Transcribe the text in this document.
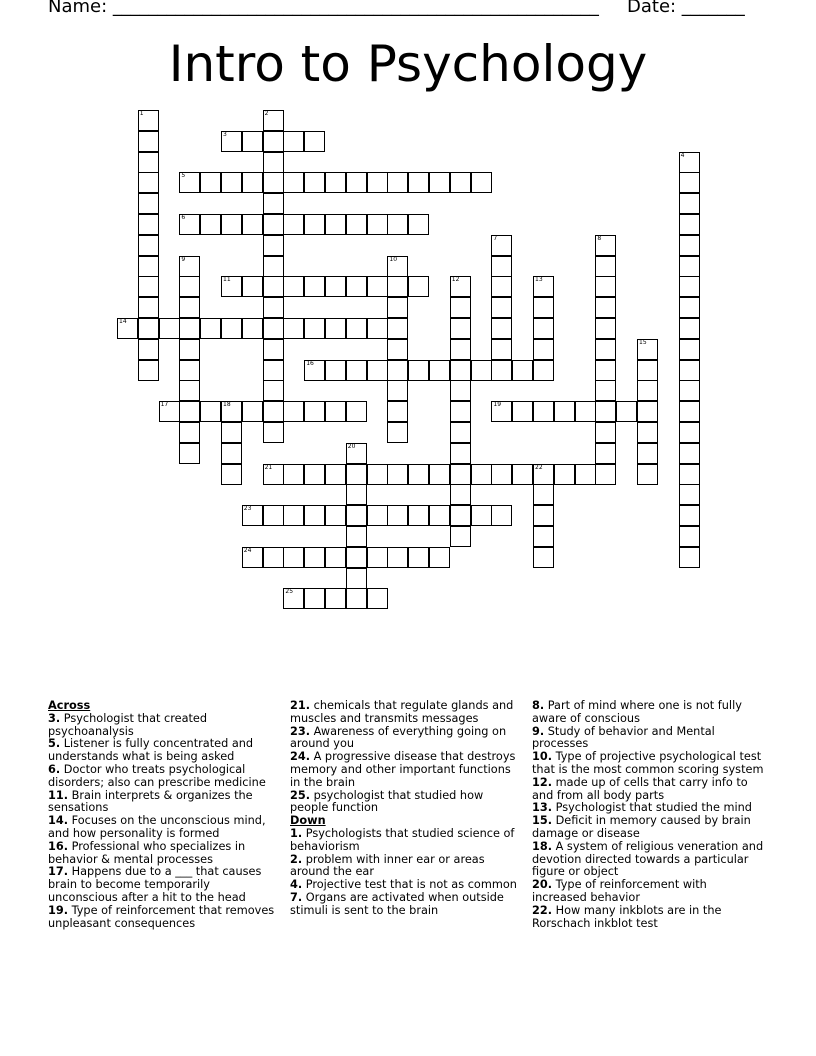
Name: ______________________________________________________ Date: _______
Intro to Psychology
1	2
3
4
5
6
7	8
9	10
11	12	13
14
15
16
17	18	19
20
21	22
23
24
25
Across
3. Psychologist that created psychoanalysis
5. Listener is fully concentrated and understands what is being asked
6. Doctor who treats psychological disorders; also can prescribe medicine
11. Brain interprets & organizes the sensations
14. Focuses on the unconscious mind, and how personality is formed
16. Professional who specializes in behavior & mental processes
17. Happens due to a ___ that causes brain to become temporarily unconscious after a hit to the head
19. Type of reinforcement that removes unpleasant consequences
21. chemicals that regulate glands and muscles and transmits messages
23. Awareness of everything going on around you
24. A progressive disease that destroys memory and other important functions in the brain
25. psychologist that studied how people function
Down
1. Psychologists that studied science of behaviorism
2. problem with inner ear or areas around the ear
4. Projective test that is not as common
7. Organs are activated when outside stimuli is sent to the brain
8. Part of mind where one is not fully aware of conscious
9. Study of behavior and Mental processes
10. Type of projective psychological test that is the most common scoring system
12. made up of cells that carry info to and from all body parts
13. Psychologist that studied the mind
15. Deficit in memory caused by brain damage or disease
18. A system of religious veneration and devotion directed towards a particular figure or object
20. Type of reinforcement with increased behavior
22. How many inkblots are in the Rorschach inkblot test
